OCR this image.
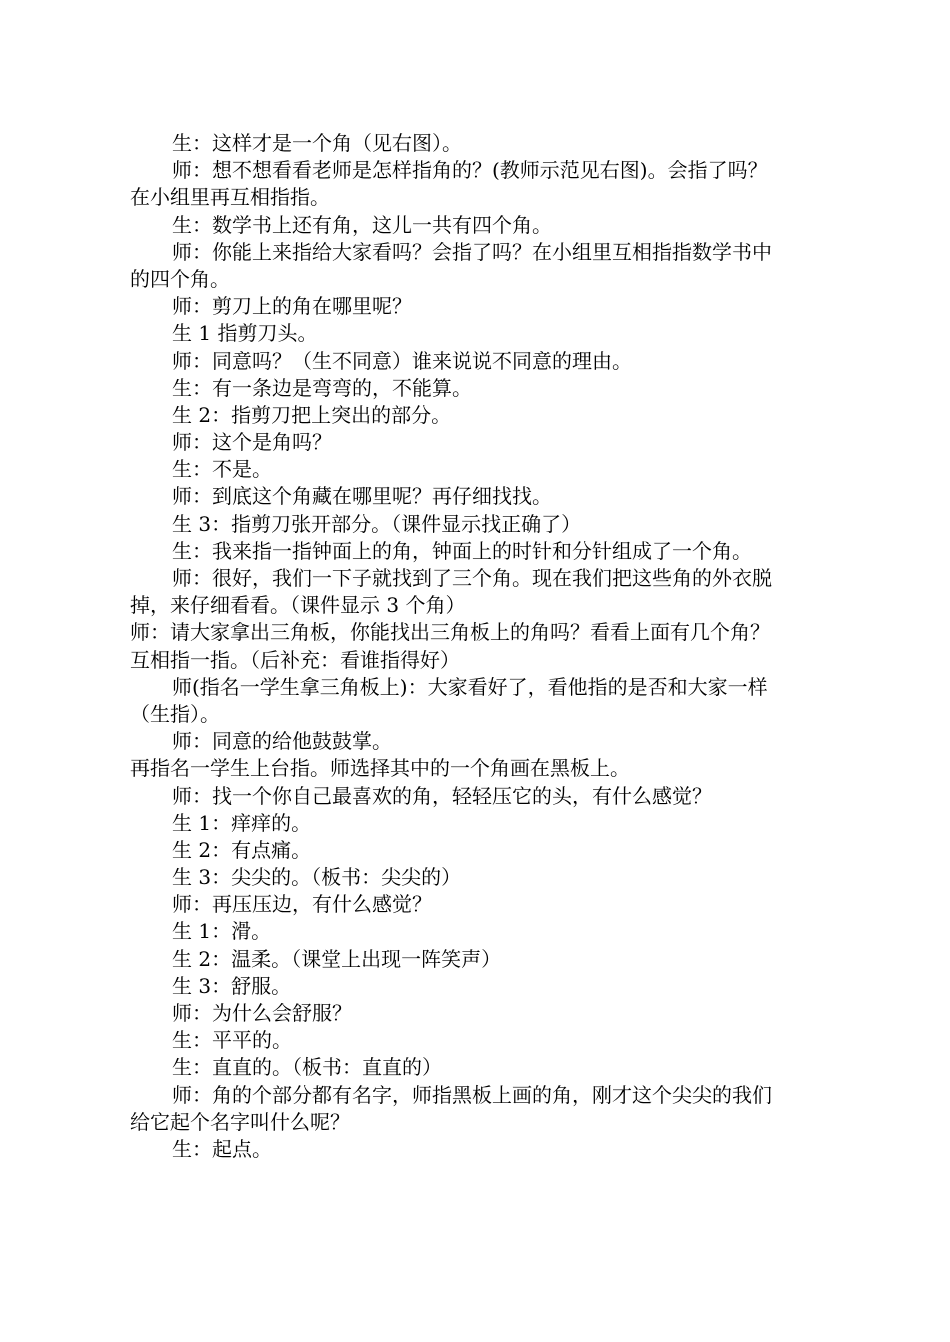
生：这样才是一个角（见右图）。
师：想不想看看老师是怎样指角的？(教师示范见右图)。会指了吗？
在小组里再互相指指。
生：数学书上还有角，这儿一共有四个角。
师：你能上来指给大家看吗？会指了吗？在小组里互相指指数学书中
的四个角。
师：剪刀上的角在哪里呢？
生 1 指剪刀头。
师：同意吗？（生不同意）谁来说说不同意的理由。
生：有一条边是弯弯的，不能算。
生 2：指剪刀把上突出的部分。
师：这个是角吗？
生：不是。
师：到底这个角藏在哪里呢？再仔细找找。
生 3：指剪刀张开部分。（课件显示找正确了）
生：我来指一指钟面上的角，钟面上的时针和分针组成了一个角。
师：很好，我们一下子就找到了三个角。现在我们把这些角的外衣脱
掉，来仔细看看。（课件显示 3 个角）
师：请大家拿出三角板，你能找出三角板上的角吗？看看上面有几个角？
互相指一指。（后补充：看谁指得好）
师(指名一学生拿三角板上)：大家看好了，看他指的是否和大家一样
（生指）。
师：同意的给他鼓鼓掌。
再指名一学生上台指。师选择其中的一个角画在黑板上。
师：找一个你自己最喜欢的角，轻轻压它的头，有什么感觉？
生 1：痒痒的。
生 2：有点痛。
生 3：尖尖的。（板书：尖尖的）
师：再压压边，有什么感觉？
生 1：滑。
生 2：温柔。（课堂上出现一阵笑声）
生 3：舒服。
师：为什么会舒服？
生：平平的。
生：直直的。（板书：直直的）
师：角的个部分都有名字，师指黑板上画的角，刚才这个尖尖的我们
给它起个名字叫什么呢？
生：起点。
